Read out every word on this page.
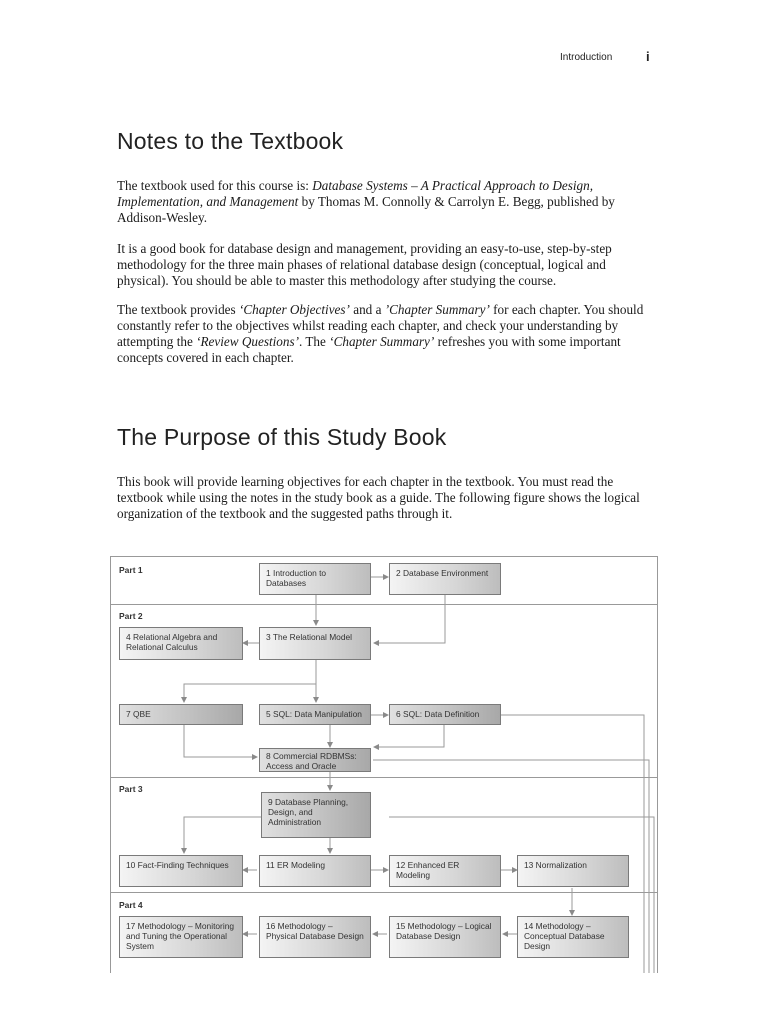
Introduction	i
Notes to the Textbook

The textbook used for this course is: Database Systems – A Practical Approach to Design, Implementation, and Management by Thomas M. Connolly & Carrolyn E. Begg, published by Addison-Wesley.

It is a good book for database design and management, providing an easy-to-use, step-by-step methodology for the three main phases of relational database design (conceptual, logical and physical). You should be able to master this methodology after studying the course.

The textbook provides ‘Chapter Objectives’ and a ’Chapter Summary’ for each chapter. You should constantly refer to the objectives whilst reading each chapter, and check your understanding by attempting the ‘Review Questions’. The ‘Chapter Summary’ refreshes you with some important concepts covered in each chapter.

The Purpose of this Study Book

This book will provide learning objectives for each chapter in the textbook. You must read the textbook while using the notes in the study book as a guide. The following figure shows the logical organization of the textbook and the suggested paths through it.

Part 1
Part 2
Part 3
Part 4
1 Introduction to Databases
2 Database Environment
4 Relational Algebra and Relational Calculus
3 The Relational Model
7 QBE	5 SQL: Data Manipulation	6 SQL: Data Definition
8 Commercial RDBMSs: Access and Oracle
9 Database Planning, Design, and Administration
10 Fact-Finding Techniques	11 ER Modeling	12 Enhanced ER Modeling
13 Normalization
17 Methodology – Monitoring and Tuning the Operational System
16 Methodology – Physical Database Design
15 Methodology – Logical Database Design
14 Methodology – Conceptual Database Design
